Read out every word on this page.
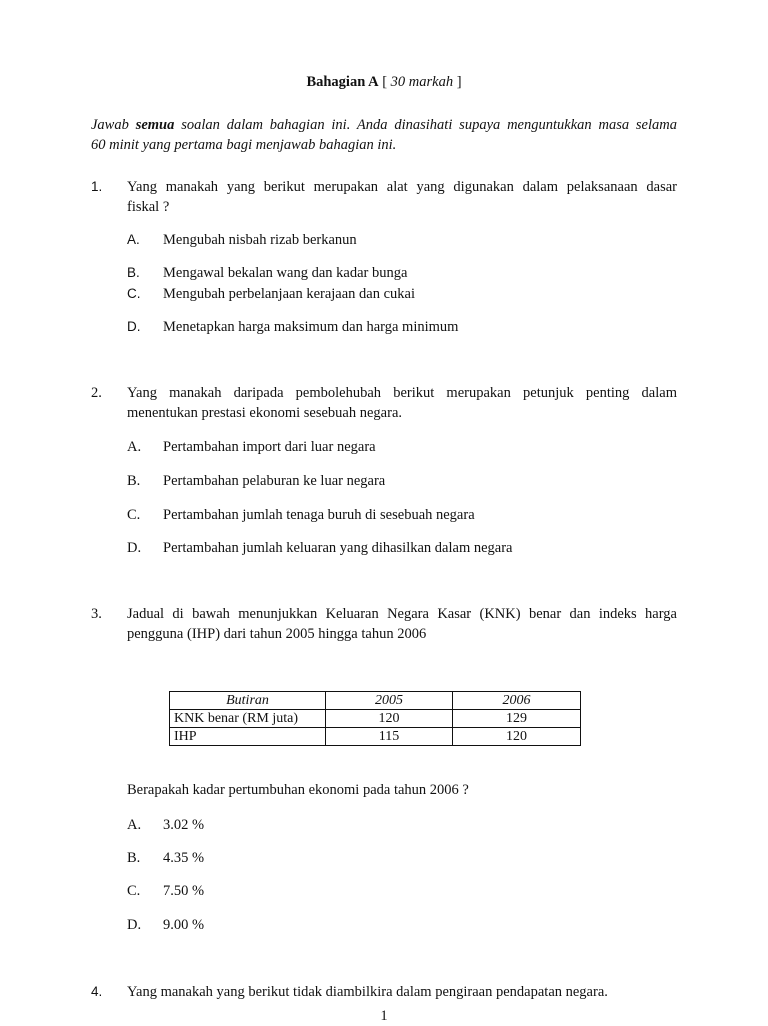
Bahagian A [ 30 markah ]
Jawab semua soalan dalam bahagian ini. Anda dinasihati supaya menguntukkan masa selama
60 minit yang pertama bagi menjawab bahagian ini.
1. Yang manakah yang berikut merupakan alat yang digunakan dalam pelaksanaan dasar
fiskal ?
A. Mengubah nisbah rizab berkanun
B. Mengawal bekalan wang dan kadar bunga
C. Mengubah perbelanjaan kerajaan dan cukai
D. Menetapkan harga maksimum dan harga minimum
2. Yang manakah daripada pembolehubah berikut merupakan petunjuk penting dalam
menentukan prestasi ekonomi sesebuah negara.
A. Pertambahan import dari luar negara
B. Pertambahan pelaburan ke luar negara
C. Pertambahan jumlah tenaga buruh di sesebuah negara
D. Pertambahan jumlah keluaran yang dihasilkan dalam negara
3. Jadual di bawah menunjukkan Keluaran Negara Kasar (KNK) benar dan indeks harga
pengguna (IHP) dari tahun 2005 hingga tahun 2006
Butiran	2005	2006
KNK benar (RM juta)	120	129
IHP	115	120
Berapakah kadar pertumbuhan ekonomi pada tahun 2006 ?
A. 3.02 %
B. 4.35 %
C. 7.50 %
D. 9.00 %
4. Yang manakah yang berikut tidak diambilkira dalam pengiraan pendapatan negara.
1
